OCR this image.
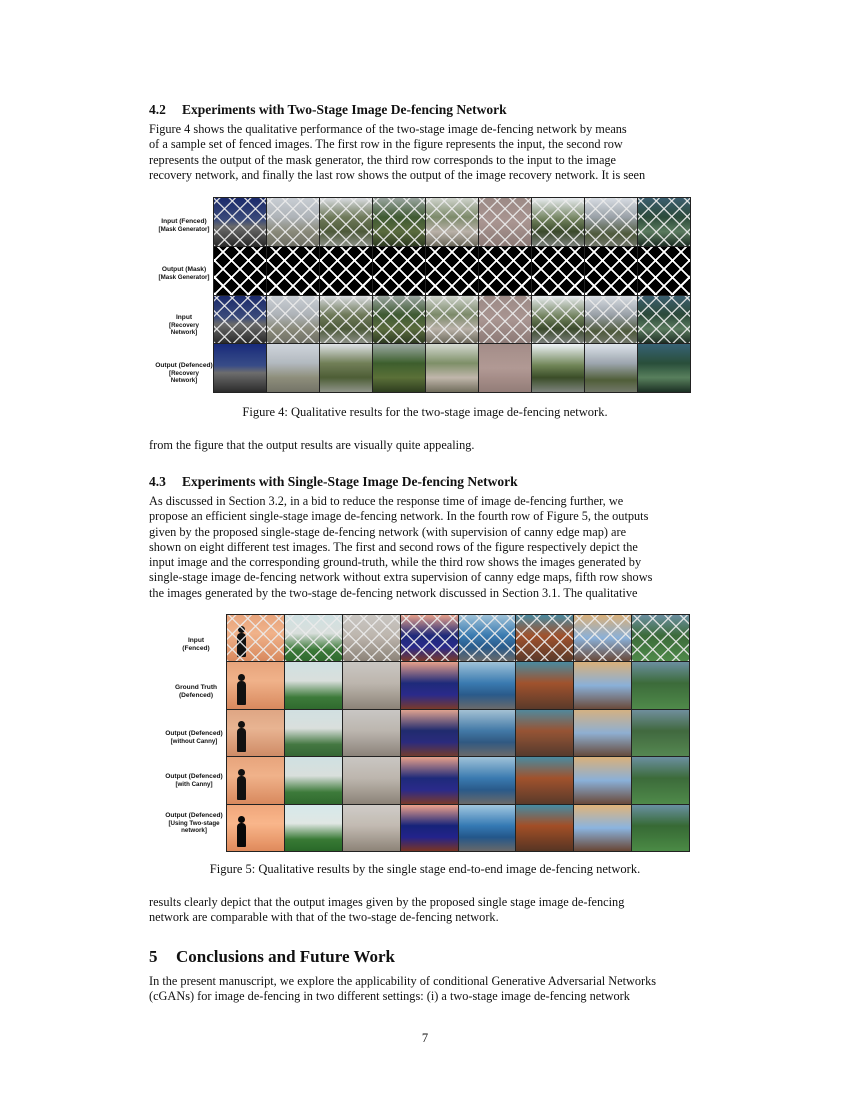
4.2 Experiments with Two-Stage Image De-fencing Network
Figure 4 shows the qualitative performance of the two-stage image de-fencing network by means
of a sample set of fenced images. The first row in the figure represents the input, the second row
represents the output of the mask generator, the third row corresponds to the input to the image
recovery network, and finally the last row shows the output of the image recovery network. It is seen
Input (Fenced)
[Mask Generator]
Output (Mask)
[Mask Generator]
Input
[Recovery Network]
Output (Defenced)
[Recovery Network]
Figure 4: Qualitative results for the two-stage image de-fencing network.
from the figure that the output results are visually quite appealing.
4.3 Experiments with Single-Stage Image De-fencing Network
As discussed in Section 3.2, in a bid to reduce the response time of image de-fencing further, we
propose an efficient single-stage image de-fencing network. In the fourth row of Figure 5, the outputs
given by the proposed single-stage de-fencing network (with supervision of canny edge map) are
shown on eight different test images. The first and second rows of the figure respectively depict the
input image and the corresponding ground-truth, while the third row shows the images generated by
single-stage image de-fencing network without extra supervision of canny edge maps, fifth row shows
the images generated by the two-stage de-fencing network discussed in Section 3.1. The qualitative
Input
(Fenced)
Ground Truth
(Defenced)
Output (Defenced)
[without Canny]
Output (Defenced)
[with Canny]
Output (Defenced)
[Using Two-stage
network]
Figure 5: Qualitative results by the single stage end-to-end image de-fencing network.
results clearly depict that the output images given by the proposed single stage image de-fencing
network are comparable with that of the two-stage de-fencing network.
5 Conclusions and Future Work
In the present manuscript, we explore the applicability of conditional Generative Adversarial Networks
(cGANs) for image de-fencing in two different settings: (i) a two-stage image de-fencing network
7
